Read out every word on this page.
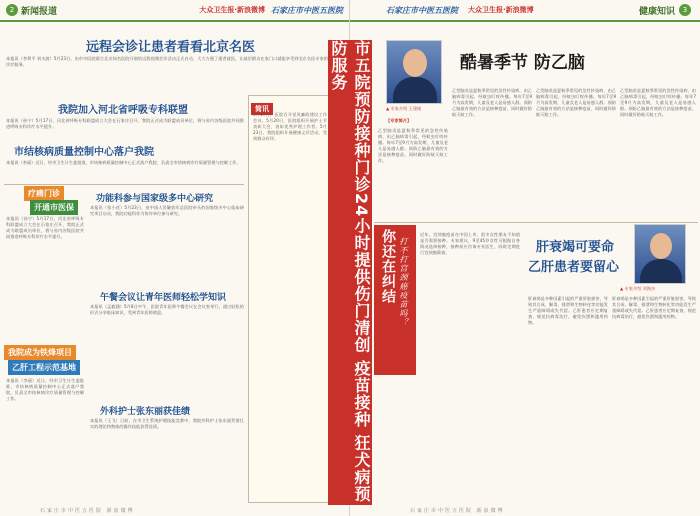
2 新闻报道	大众卫生报·新浪微博 石家庄市中医五医院
远程会诊让患者看看北京名医
本报讯（李利平 刘水波）5月23日，由市中医院联合北京知名医院开展的远程视频会诊活动正式启动，大大方便了患者就医，让基层群众在家门口就能享受到北京名医专家的诊疗服务。
我院加入河北省呼吸专科联盟
本报讯（孙宁）5月17日，河北省呼吸专科联盟成立大会在石家庄召开，我院正式成为联盟成员单位，将与省内各级医院共同推进呼吸专科诊疗水平提升。
市结核病质量控制中心落户我院
本报讯（李丽）近日，经市卫生计生委批准，市结核病质量控制中心正式落户我院，负责全市结核病诊疗质量管理与控制工作。
疗痛门诊
开通市医保
本报讯（孙宁）5月17日，河北省呼吸专科联盟成立大会在石家庄召开，我院正式成为联盟成员单位，将与省内各级医院共同推进呼吸专科诊疗水平提升。
功能科参与国家级多中心研究
本报讯（张小花）5月23日，由中国人民解放军总医院牵头的国家级多中心临床研究项目启动，我院功能科作为协作单位参与研究。
午餐会议让青年医师轻松学知识
本报讯（孟毅涵）5月8日中午，医院青年医师午餐会议在会议室举行，通过轻松的形式分享临床知识，受到青年医师欢迎。
我院成为铁烽项目
乙肝工程示范基地
本报讯（李丽）近日，经市卫生计生委批准，市结核病质量控制中心正式落户我院，负责全市结核病诊疗质量管理与控制工作。
外科护士张东丽获佳绩
本报讯（王飞）日前，在市卫生系统护理技能竞赛中，我院外科护士张东丽凭借扎实的理论和熟练的操作技能获得佳绩。
简讯
5月17日，医院召开党风廉政建设工作会议。5月20日，医院组织开展护士节表彰大会，表彰优秀护理工作者。5月23日，我院组织开展健康义诊活动，受到群众好评。
石家庄市中医五医院 新浪微博
市五院预防接种门诊24小时提供伤门清创 疫苗接种 狂犬病预防服务
石家庄市中医五医院 大众卫生报·新浪微博	健康知识	3
▲ 专家介绍 王建刚
酷暑季节 防乙脑
【专家简介】
乙型脑炎是夏秋季常见的急性传染病，由乙脑病毒引起，经蚊虫叮咬传播。每年7至9月为高发期，儿童及老人是易感人群。预防乙脑最有效的方法是接种疫苗，同时做好防蚊灭蚊工作。
乙型脑炎是夏秋季常见的急性传染病，由乙脑病毒引起，经蚊虫叮咬传播。每年7至9月为高发期，儿童及老人是易感人群。预防乙脑最有效的方法是接种疫苗，同时做好防蚊灭蚊工作。
乙型脑炎是夏秋季常见的急性传染病，由乙脑病毒引起，经蚊虫叮咬传播。每年7至9月为高发期，儿童及老人是易感人群。预防乙脑最有效的方法是接种疫苗，同时做好防蚊灭蚊工作。
乙型脑炎是夏秋季常见的急性传染病，由乙脑病毒引起，经蚊虫叮咬传播。每年7至9月为高发期，儿童及老人是易感人群。预防乙脑最有效的方法是接种疫苗，同时做好防蚊灭蚊工作。
近年，宫颈癌疫苗在中国上市，很多女性朋友不知道是否需要接种。专家建议，9至45岁女性可根据自身情况选择接种，接种前应咨询专业医生，同时定期进行宫颈癌筛查。
▲ 专家介绍 刘海杰
肝衰竭可要命
乙肝患者要留心
肝衰竭是多种因素引起的严重肝脏损害，导致其合成、解毒、排泄和生物转化等功能发生严重障碍或失代偿。乙肝患者应定期复查，规范抗病毒治疗，避免饮酒和滥用药物。
肝衰竭是多种因素引起的严重肝脏损害，导致其合成、解毒、排泄和生物转化等功能发生严重障碍或失代偿。乙肝患者应定期复查，规范抗病毒治疗，避免饮酒和滥用药物。
石家庄市中医五医院 新浪微博
你还在纠结 打不打宫颈癌疫苗吗？
